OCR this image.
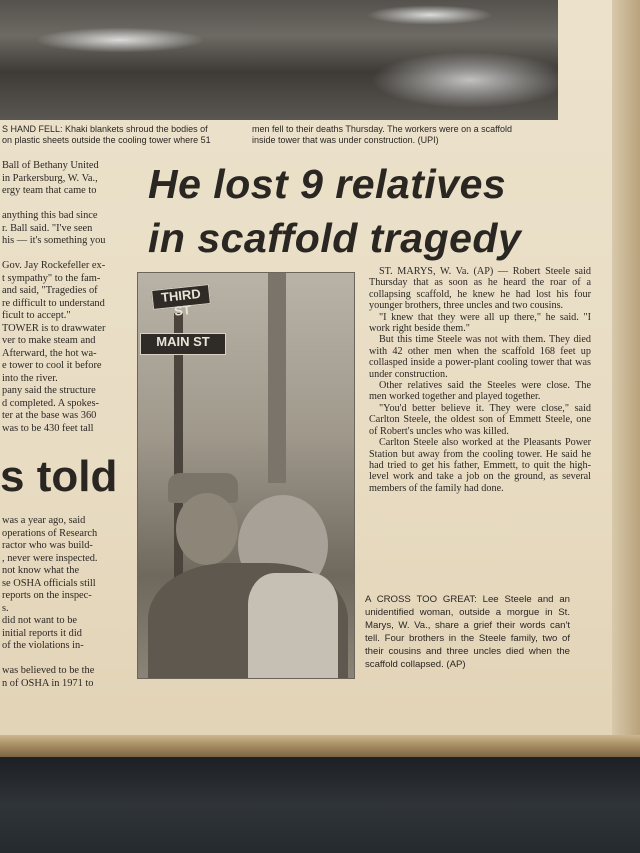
S HAND FELL: Khaki blankets shroud the bodies of
on plastic sheets outside the cooling tower where 51
men fell to their deaths Thursday. The workers were on a scaffold
inside tower that was under construction. (UPI)
Ball of Bethany United
in Parkersburg, W. Va.,
ergy team that came to

anything this bad since
r. Ball said. "I've seen
his — it's something you

Gov. Jay Rockefeller ex-
t sympathy" to the fam-
and said, "Tragedies of
re difficult to understand
ficult to accept."
TOWER is to drawwater
ver to make steam and
Afterward, the hot wa-
e tower to cool it before
into the river.
pany said the structure
d completed. A spokes-
ter at the base was 360
was to be 430 feet tall
He lost 9 relatives
in scaffold tragedy
s told
was a year ago, said
operations of Research
ractor who was build-
, never were inspected.
not know what the
se OSHA officials still
reports on the inspec-
s.
did not want to be
initial reports it did
of the violations in-

was believed to be the
n of OSHA in 1971 to
THIRD ST
MAIN ST
A CROSS TOO GREAT: Lee Steele and an unidentified woman, outside a morgue in St. Marys, W. Va., share a grief their words can't tell. Four brothers in the Steele family, two of their cousins and three uncles died when the scaffold collapsed. (AP)

ST. MARYS, W. Va. (AP) — Robert Steele said Thursday that as soon as he heard the roar of a collapsing scaffold, he knew he had lost his four younger brothers, three uncles and two cousins.

"I knew that they were all up there," he said. "I work right beside them."

But this time Steele was not with them. They died with 42 other men when the scaffold 168 feet up collasped inside a power-plant cooling tower that was under construction.

Other relatives said the Steeles were close. The men worked together and played together.

"You'd better believe it. They were close," said Carlton Steele, the oldest son of Emmett Steele, one of Robert's uncles who was killed.

Carlton Steele also worked at the Pleasants Power Station but away from the cooling tower. He said he had tried to get his father, Emmett, to quit the high-level work and take a job on the ground, as several members of the family had done.
